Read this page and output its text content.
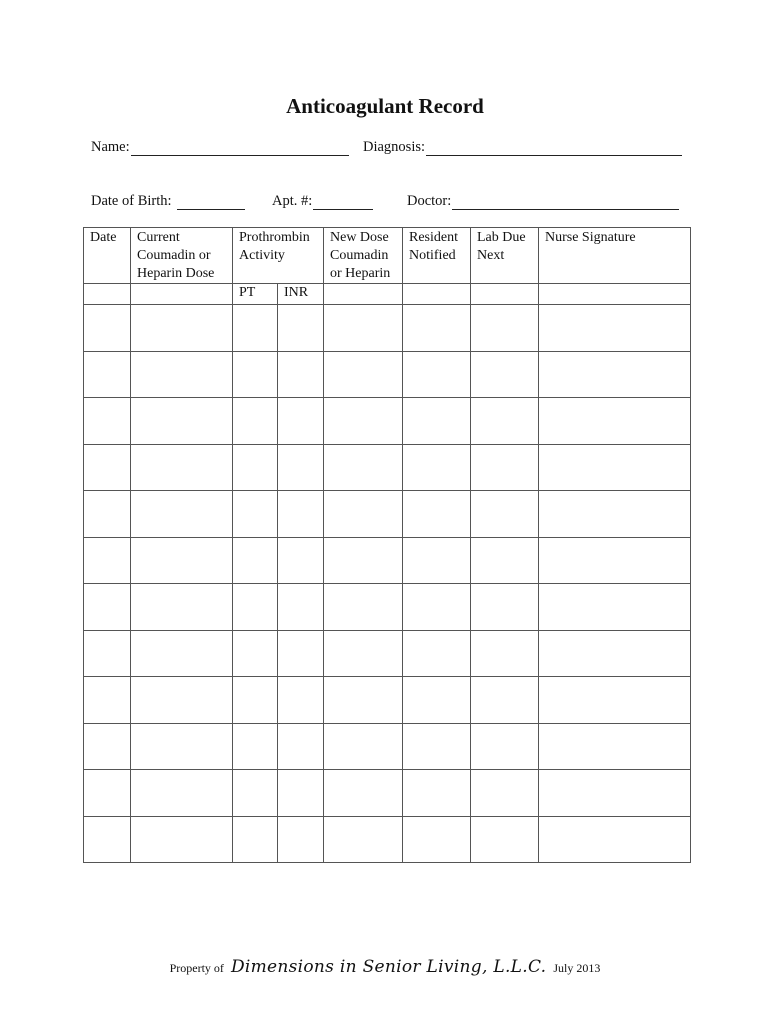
Anticoagulant Record
Name:	Diagnosis:
Date of Birth:	Apt. #:	Doctor:
Date	Current Coumadin or Heparin Dose	Prothrombin Activity		New Dose Coumadin or Heparin	Resident Notified	Lab Due Next	Nurse Signature
		PT	INR				

Property of Dimensions in Senior Living, L.L.C. July 2013
